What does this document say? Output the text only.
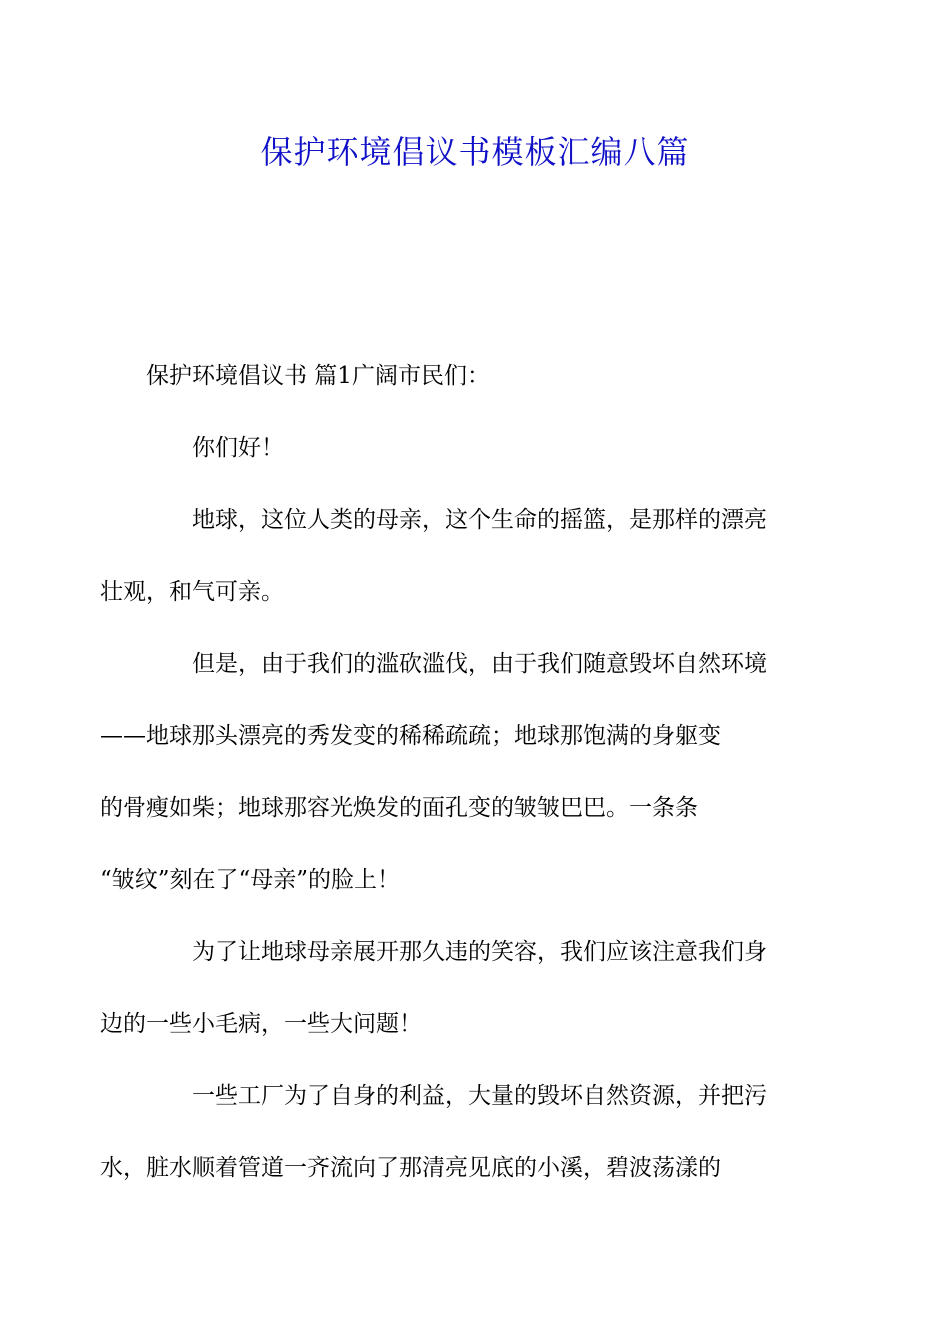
保护环境倡议书模板汇编八篇

保护环境倡议书 篇1广阔市民们：

你们好！

地球，这位人类的母亲，这个生命的摇篮，是那样的漂亮
壮观，和气可亲。

但是，由于我们的滥砍滥伐，由于我们随意毁坏自然环境
——地球那头漂亮的秀发变的稀稀疏疏；地球那饱满的身躯变
的骨瘦如柴；地球那容光焕发的面孔变的皱皱巴巴。一条条
“皱纹”刻在了“母亲”的脸上！

为了让地球母亲展开那久违的笑容，我们应该注意我们身
边的一些小毛病，一些大问题！

一些工厂为了自身的利益，大量的毁坏自然资源，并把污
水，脏水顺着管道一齐流向了那清亮见底的小溪，碧波荡漾的
